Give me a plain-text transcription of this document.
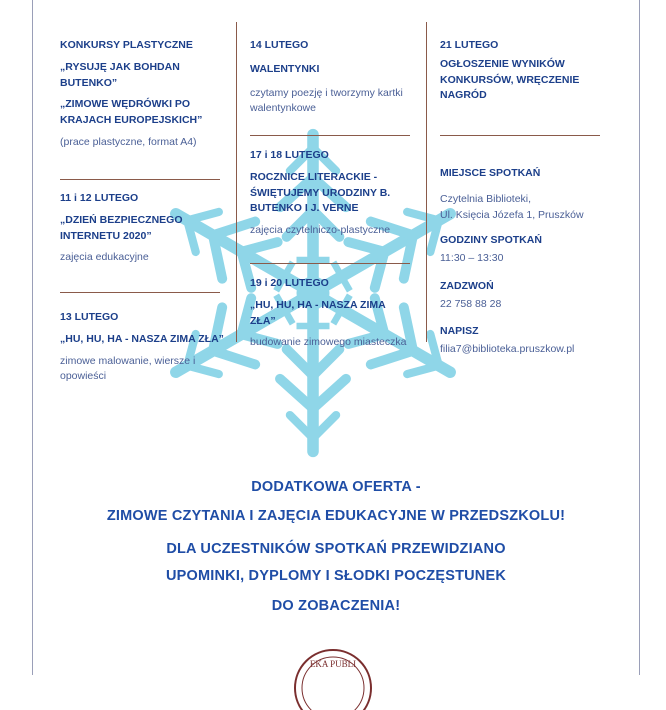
KONKURSY PLASTYCZNE

„RYSUJĘ JAK BOHDAN BUTENKO”

„ZIMOWE WĘDRÓWKI PO KRAJACH EUROPEJSKICH”

(prace plastyczne, format A4)

11 i 12 LUTEGO

„DZIEŃ BEZPIECZNEGO INTERNETU 2020”

zajęcia edukacyjne

13 LUTEGO

„HU, HU, HA - NASZA ZIMA ZŁA”

zimowe malowanie, wiersze i opowieści

14 LUTEGO

WALENTYNKI

czytamy poezję i tworzymy kartki walentynkowe

17 i 18 LUTEGO

ROCZNICE LITERACKIE - ŚWIĘTUJEMY URODZINY B. BUTENKO I J. VERNE

zajęcia czytelniczo-plastyczne

19 i 20 LUTEGO

„HU, HU, HA - NASZA ZIMA ZŁA”

budowanie zimowego miasteczka

21 LUTEGO

OGŁOSZENIE WYNIKÓW KONKURSÓW, WRĘCZENIE NAGRÓD

MIEJSCE SPOTKAŃ

Czytelnia Biblioteki,

Ul. Księcia Józefa 1, Pruszków

GODZINY SPOTKAŃ

11:30 – 13:30

ZADZWOŃ

22 758 88 28

NAPISZ

filia7@biblioteka.pruszkow.pl

DODATKOWA OFERTA -
ZIMOWE CZYTANIA I ZAJĘCIA EDUKACYJNE W PRZEDSZKOLU!
DLA UCZESTNIKÓW SPOTKAŃ PRZEWIDZIANO
UPOMINKI, DYPLOMY I SŁODKI POCZĘSTUNEK
DO ZOBACZENIA!
EKA PUBLI
